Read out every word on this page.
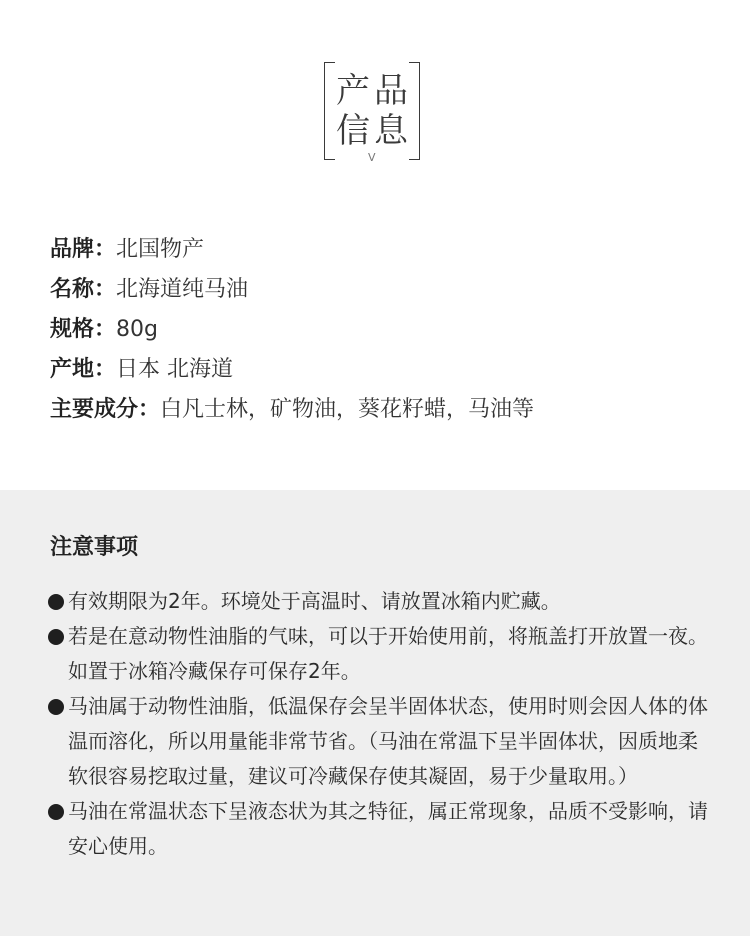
产 品
信 息
V
品牌：北国物产
名称：北海道纯马油
规格：80g
产地：日本 北海道
主要成分：白凡士林，矿物油，葵花籽蜡，马油等
注意事项
有效期限为2年。环境处于高温时、请放置冰箱内贮藏。
若是在意动物性油脂的气味，可以于开始使用前，将瓶盖打开放置一夜。如置于冰箱冷藏保存可保存2年。
马油属于动物性油脂，低温保存会呈半固体状态，使用时则会因人体的体温而溶化，所以用量能非常节省。（马油在常温下呈半固体状，因质地柔软很容易挖取过量，建议可冷藏保存使其凝固，易于少量取用。）
马油在常温状态下呈液态状为其之特征，属正常现象，品质不受影响，请安心使用。
